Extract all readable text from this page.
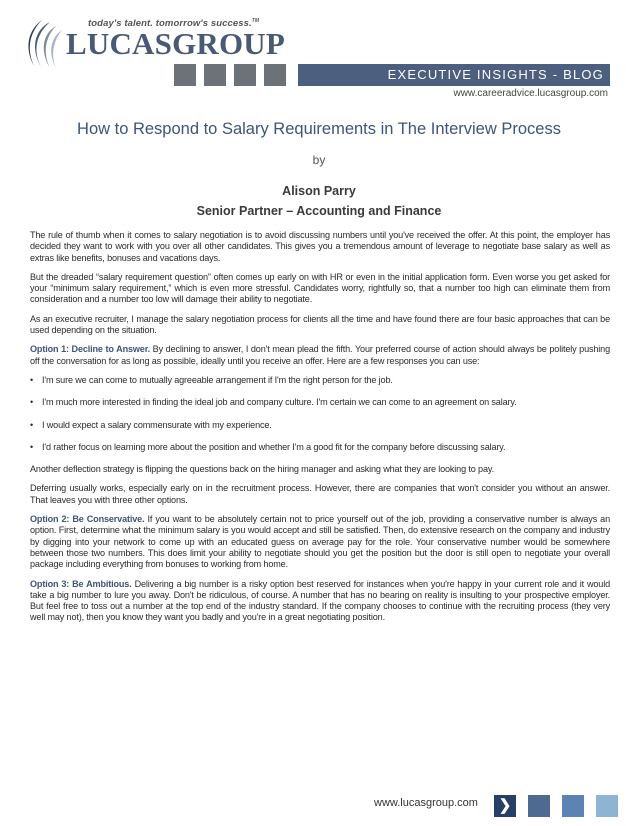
today's talent. tomorrow's success.™
LUCASGROUP
EXECUTIVE INSIGHTS - BLOG
www.careeradvice.lucasgroup.com
How to Respond to Salary Requirements in The Interview Process
by
Alison Parry
Senior Partner – Accounting and Finance

The rule of thumb when it comes to salary negotiation is to avoid discussing numbers until you've received the offer. At this point, the employer has decided they want to work with you over all other candidates. This gives you a tremendous amount of leverage to negotiate base salary as well as extras like benefits, bonuses and vacations days.

But the dreaded “salary requirement question” often comes up early on with HR or even in the initial application form. Even worse you get asked for your “minimum salary requirement,” which is even more stressful. Candidates worry, rightfully so, that a number too high can eliminate them from consideration and a number too low will damage their ability to negotiate.

As an executive recruiter, I manage the salary negotiation process for clients all the time and have found there are four basic approaches that can be used depending on the situation.

Option 1: Decline to Answer. By declining to answer, I don't mean plead the fifth. Your preferred course of action should always be politely pushing off the conversation for as long as possible, ideally until you receive an offer. Here are a few responses you can use:

• I'm sure we can come to mutually agreeable arrangement if I'm the right person for the job.
• I'm much more interested in finding the ideal job and company culture. I'm certain we can come to an agreement on salary.
• I would expect a salary commensurate with my experience.
• I'd rather focus on learning more about the position and whether I'm a good fit for the company before discussing salary.

Another deflection strategy is flipping the questions back on the hiring manager and asking what they are looking to pay.

Deferring usually works, especially early on in the recruitment process. However, there are companies that won't consider you without an answer. That leaves you with three other options.

Option 2: Be Conservative. If you want to be absolutely certain not to price yourself out of the job, providing a conservative number is always an option. First, determine what the minimum salary is you would accept and still be satisfied. Then, do extensive research on the company and industry by digging into your network to come up with an educated guess on average pay for the role. Your conservative number would be somewhere between those two numbers. This does limit your ability to negotiate should you get the position but the door is still open to negotiate your overall package including everything from bonuses to working from home.

Option 3: Be Ambitious. Delivering a big number is a risky option best reserved for instances when you're happy in your current role and it would take a big number to lure you away. Don't be ridiculous, of course. A number that has no bearing on reality is insulting to your prospective employer. But feel free to toss out a number at the top end of the industry standard. If the company chooses to continue with the recruiting process (they very well may not), then you know they want you badly and you're in a great negotiating position.

www.lucasgroup.com	❯
